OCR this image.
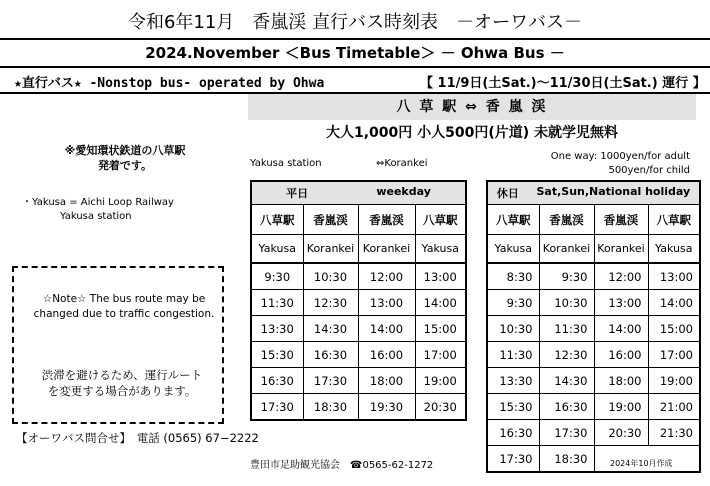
令和6年11月　香嵐渓 直行バス時刻表　－オーワバス－
2024.November ＜Bus Timetable＞ － Ohwa Bus －
★直行バス★ -Nonstop bus- operated by Ohwa	【 11/9日(土Sat.)～11/30日(土Sat.) 運行 】
八 草 駅 ⇔ 香 嵐 渓
大人1,000円 小人500円(片道) 未就学児無料
※愛知環状鉄道の八草駅
発着です。
・Yakusa = Aichi Loop Railway
Yakusa station
Yakusa station	⇔Korankei
One way: 1000yen/for adult
500yen/for child
☆Note☆ The bus route may be
changed due to traffic congestion.
渋滞を避けるため、運行ルート
を変更する場合があります。
【オーワバス問合せ】　電話 (0565) 67−2222
平日 weekday			

八草駅	香嵐渓	香嵐渓	八草駅
Yakusa	Korankei	Korankei	Yakusa
9:30	10:30	12:00	13:00
11:30	12:30	13:00	14:00
13:30	14:30	14:00	15:00
15:30	16:30	16:00	17:00
16:30	17:30	18:00	19:00
17:30	18:30	19:30	20:30
休日 Sat,Sun,National holiday			

八草駅	香嵐渓	香嵐渓	八草駅
Yakusa	Korankei	Korankei	Yakusa
8:30	9:30	12:00	13:00
9:30	10:30	13:00	14:00
10:30	11:30	14:00	15:00
11:30	12:30	16:00	17:00
13:30	14:30	18:00	19:00
15:30	16:30	19:00	21:00
16:30	17:30	20:30	21:30
17:30	18:30		
豊田市足助観光協会　☎0565-62-1272	2024年10月作成
